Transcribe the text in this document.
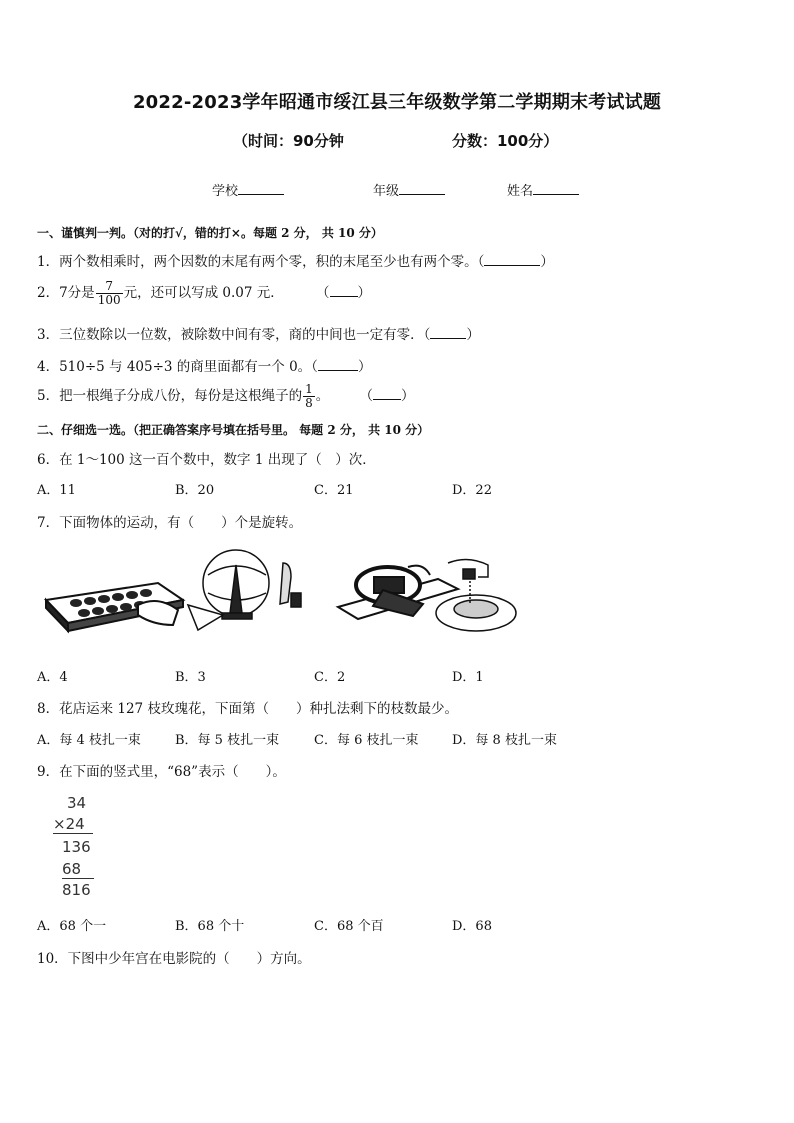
2022-2023学年昭通市绥江县三年级数学第二学期期末考试试题
（时间：90分钟	分数：100分）
学校	年级	姓名
一、谨慎判一判。（对的打√，错的打×。每题 2 分， 共 10 分）
1．两个数相乘时，两个因数的末尾有两个零，积的末尾至少也有两个零。（	）
2．7分是 $\frac{7}{100}$ 元，还可以写成 0.07 元． （ ）
3．三位数除以一位数，被除数中间有零，商的中间也一定有零．（	）
4．510÷5 与 405÷3 的商里面都有一个 0。（	）
5．把一根绳子分成八份，每份是这根绳子的 $\frac{1}{8}$ 。 （ ）
二、仔细选一选。（把正确答案序号填在括号里。 每题 2 分， 共 10 分）
6．在 1～100 这一百个数中，数字 1 出现了（　）次．
A．11	B．20	C．21	D．22
7．下面物体的运动，有（　　）个是旋转。
A．4	B．3	C．2	D．1
8．花店运来 127 枝玫瑰花，下面第（　　）种扎法剩下的枝数最少。
A．每 4 枝扎一束	B．每 5 枝扎一束	C．每 6 枝扎一束	D．每 8 枝扎一束
9．在下面的竖式里，“68”表示（　　）。
34
×24
136
68
816
A．68 个一	B．68 个十	C．68 个百	D．68
10．下图中少年宫在电影院的（　　）方向。
